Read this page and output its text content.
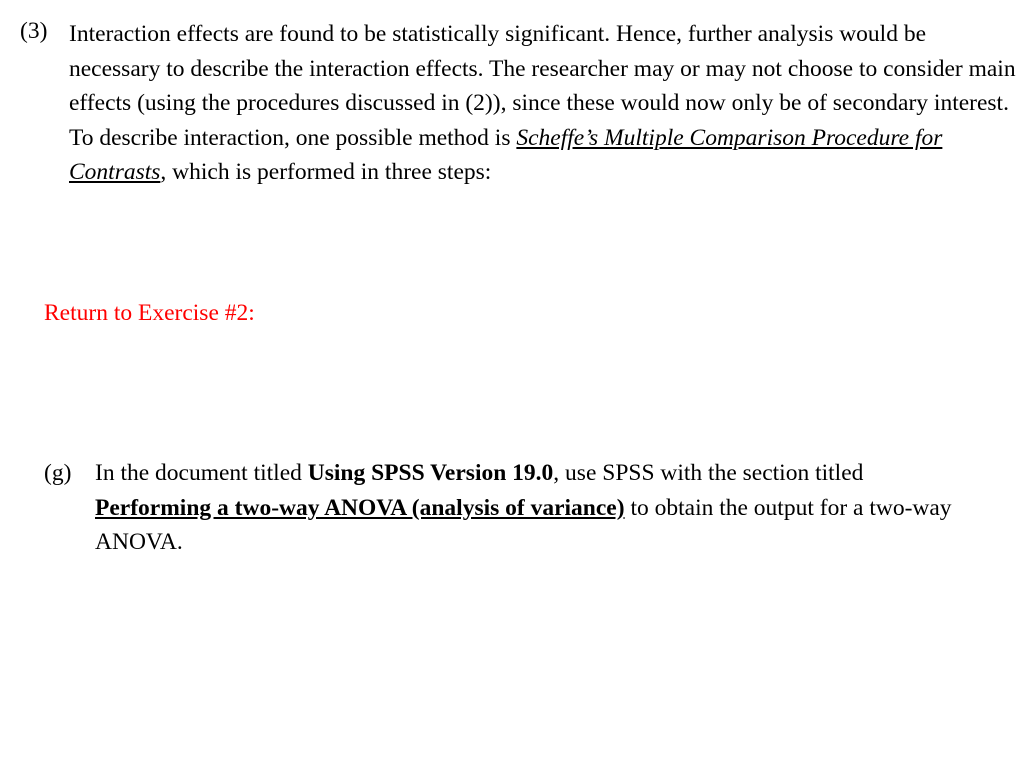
(3) Interaction effects are found to be statistically significant. Hence, further analysis would be necessary to describe the interaction effects. The researcher may or may not choose to consider main effects (using the procedures discussed in (2)), since these would now only be of secondary interest. To describe interaction, one possible method is Scheffe’s Multiple Comparison Procedure for Contrasts, which is performed in three steps:

Return to Exercise #2:
(g) In the document titled Using SPSS Version 19.0, use SPSS with the section titled Performing a two-way ANOVA (analysis of variance) to obtain the output for a two-way ANOVA.
